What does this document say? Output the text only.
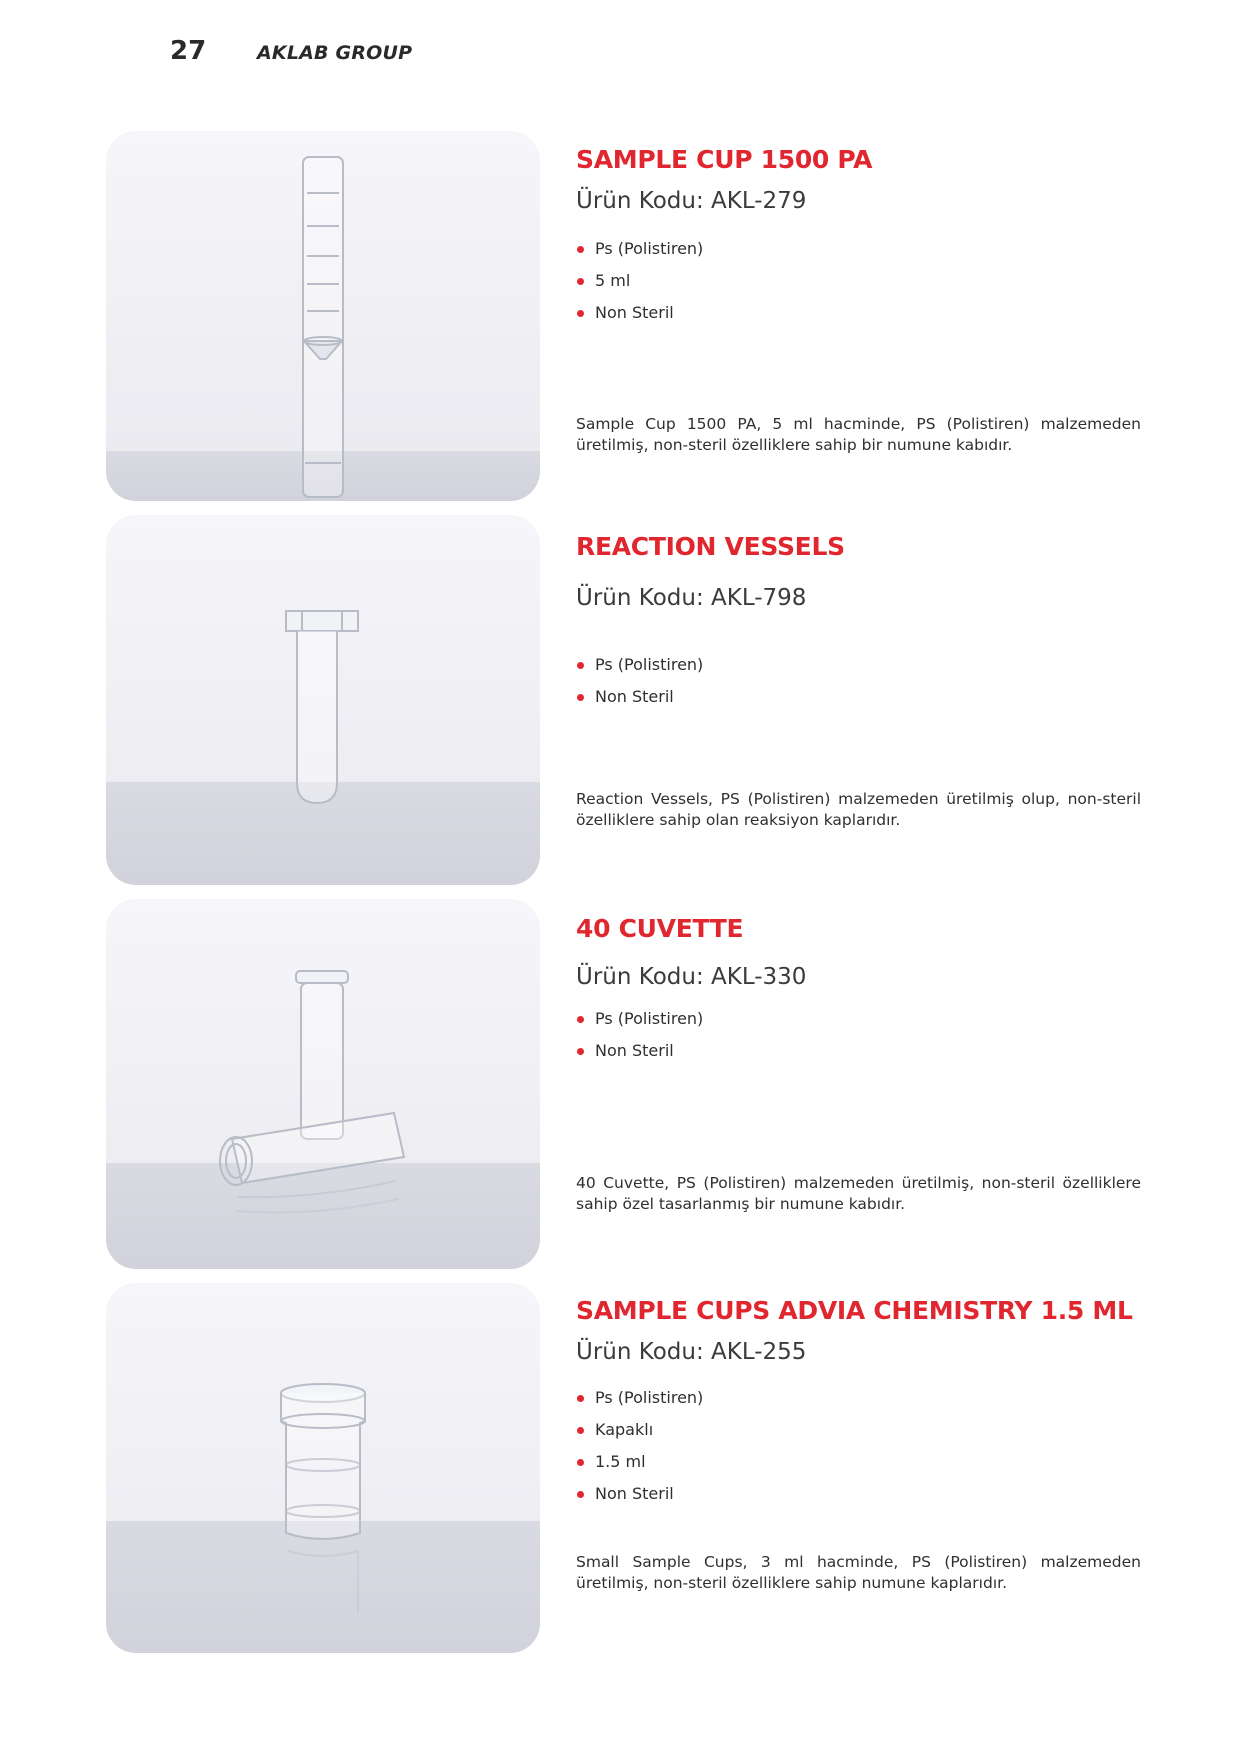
27	AKLAB GROUP
SAMPLE CUP 1500 PA
Ürün Kodu: AKL-279
Ps (Polistiren)
5 ml
Non Steril
Sample Cup 1500 PA, 5 ml hacminde, PS (Polistiren) malzemeden üretilmiş, non-steril özelliklere sahip bir numune kabıdır.
REACTION VESSELS
Ürün Kodu: AKL-798
Ps (Polistiren)
Non Steril
Reaction Vessels, PS (Polistiren) malzemeden üretilmiş olup, non-steril özelliklere sahip olan reaksiyon kaplarıdır.
40 CUVETTE
Ürün Kodu: AKL-330
Ps (Polistiren)
Non Steril
40 Cuvette, PS (Polistiren) malzemeden üretilmiş, non-steril özelliklere sahip özel tasarlanmış bir numune kabıdır.
SAMPLE CUPS ADVIA CHEMISTRY 1.5 ML
Ürün Kodu: AKL-255
Ps (Polistiren)
Kapaklı
1.5 ml
Non Steril
Small Sample Cups, 3 ml hacminde, PS (Polistiren) malzemeden üretilmiş, non-steril özelliklere sahip numune kaplarıdır.
